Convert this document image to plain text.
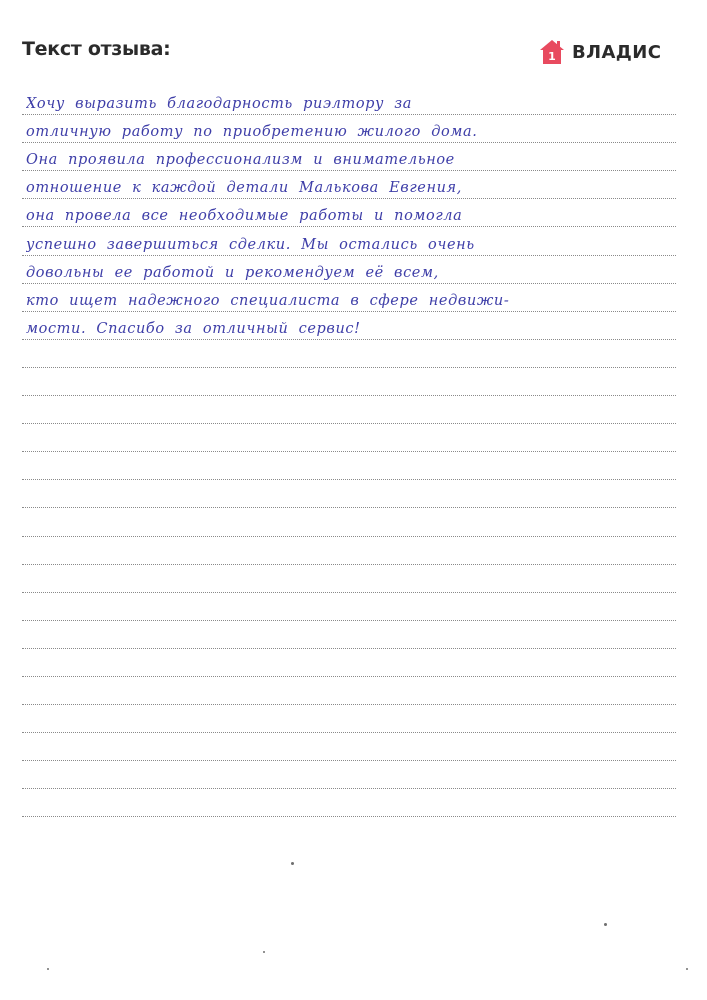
Текст отзыва:	1 ВЛАДИС
Хочу выразить благодарность риэлтору за
отличную работу по приобретению жилого дома.
Она проявила профессионализм и внимательное
отношение к каждой детали Малькова Евгения,
она провела все необходимые работы и помогла
успешно завершиться сделки. Мы остались очень
довольны ее работой и рекомендуем её всем,
кто ищет надежного специалиста в сфере недвижи-
мости. Спасибо за отличный сервис!
